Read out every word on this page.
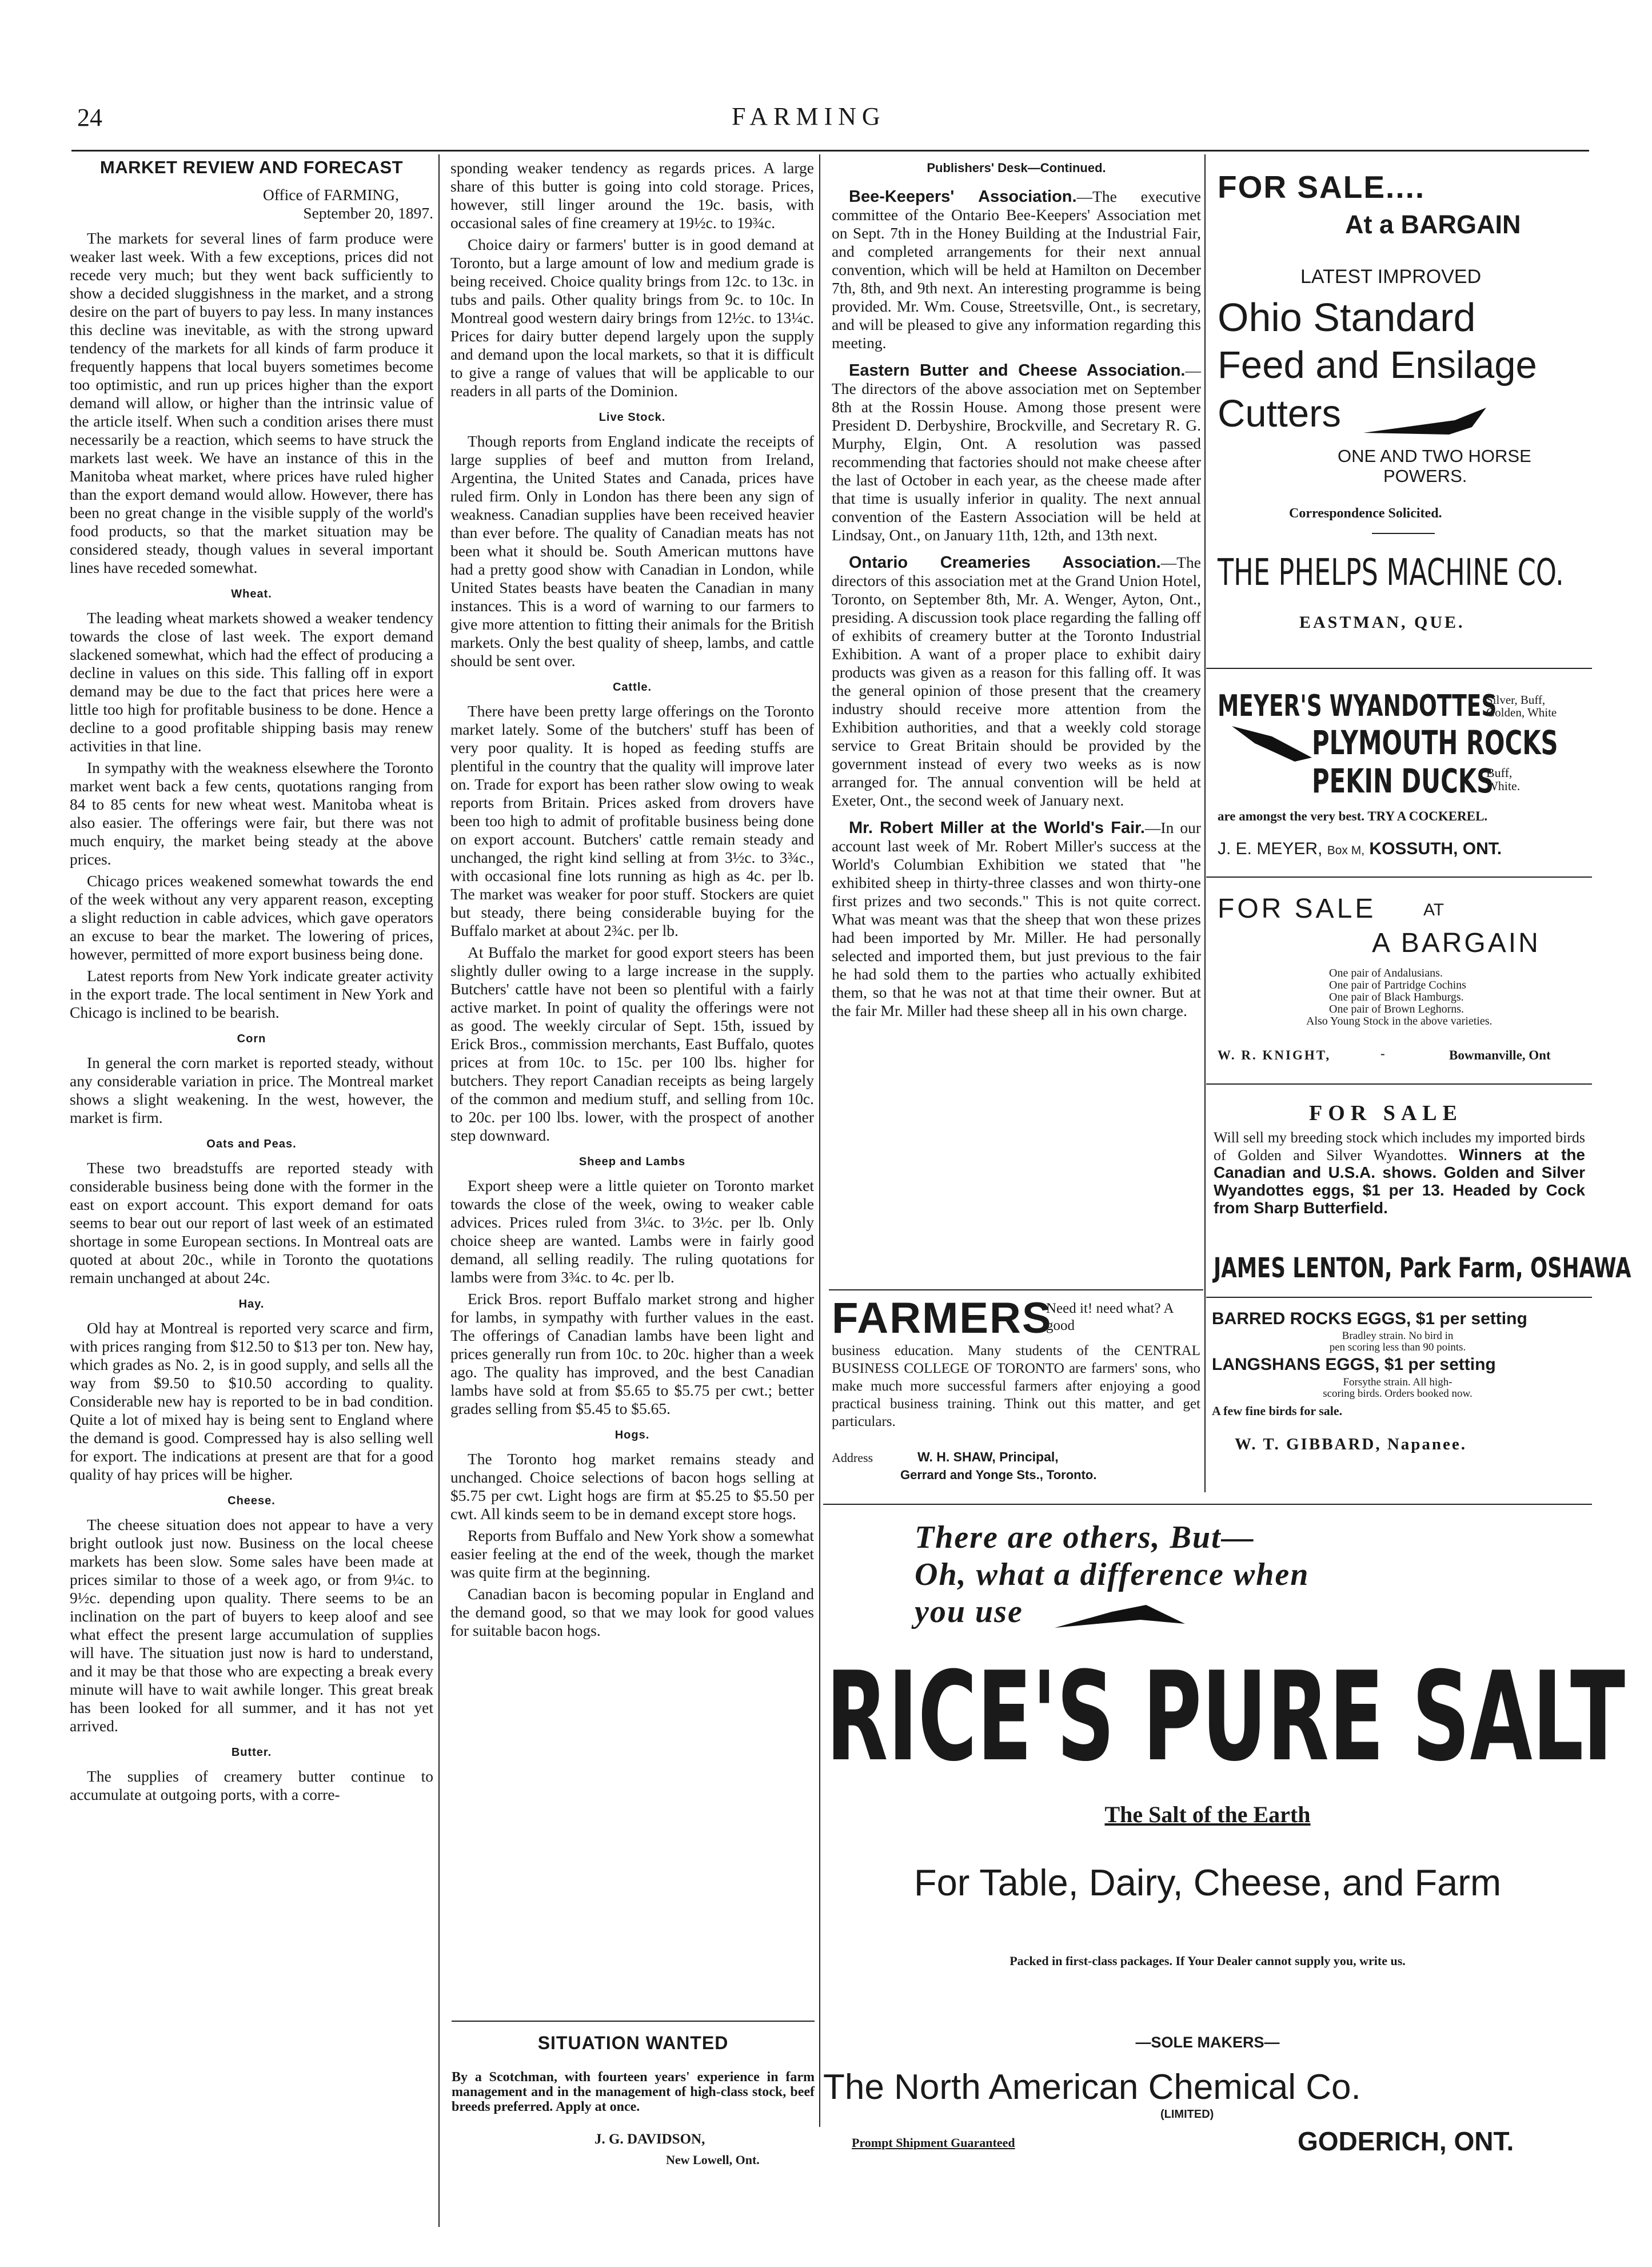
24	FARMING
MARKET REVIEW AND FORECAST

Office of FARMING,

September 20, 1897.

The markets for several lines of farm produce were weaker last week. With a few exceptions, prices did not recede very much; but they went back sufficiently to show a decided sluggishness in the market, and a strong desire on the part of buyers to pay less. In many instances this decline was inevitable, as with the strong upward tendency of the markets for all kinds of farm produce it frequently happens that local buyers sometimes become too optimistic, and run up prices higher than the export demand will allow, or higher than the intrinsic value of the article itself. When such a condition arises there must necessarily be a reaction, which seems to have struck the markets last week. We have an instance of this in the Manitoba wheat market, where prices have ruled higher than the export demand would allow. However, there has been no great change in the visible supply of the world's food products, so that the market situation may be considered steady, though values in several important lines have receded somewhat.

Wheat.

The leading wheat markets showed a weaker tendency towards the close of last week. The export demand slackened somewhat, which had the effect of producing a decline in values on this side. This falling off in export demand may be due to the fact that prices here were a little too high for profitable business to be done. Hence a decline to a good profitable shipping basis may renew activities in that line.

In sympathy with the weakness elsewhere the Toronto market went back a few cents, quotations ranging from 84 to 85 cents for new wheat west. Manitoba wheat is also easier. The offerings were fair, but there was not much enquiry, the market being steady at the above prices.

Chicago prices weakened somewhat towards the end of the week without any very apparent reason, excepting a slight reduction in cable advices, which gave operators an excuse to bear the market. The lowering of prices, however, permitted of more export business being done.

Latest reports from New York indicate greater activity in the export trade. The local sentiment in New York and Chicago is inclined to be bearish.

Corn

In general the corn market is reported steady, without any considerable variation in price. The Montreal market shows a slight weakening. In the west, however, the market is firm.

Oats and Peas.

These two breadstuffs are reported steady with considerable business being done with the former in the east on export account. This export demand for oats seems to bear out our report of last week of an estimated shortage in some European sections. In Montreal oats are quoted at about 20c., while in Toronto the quotations remain unchanged at about 24c.

Hay.

Old hay at Montreal is reported very scarce and firm, with prices ranging from $12.50 to $13 per ton. New hay, which grades as No. 2, is in good supply, and sells all the way from $9.50 to $10.50 according to quality. Considerable new hay is reported to be in bad condition. Quite a lot of mixed hay is being sent to England where the demand is good. Compressed hay is also selling well for export. The indications at present are that for a good quality of hay prices will be higher.

Cheese.

The cheese situation does not appear to have a very bright outlook just now. Business on the local cheese markets has been slow. Some sales have been made at prices similar to those of a week ago, or from 9¼c. to 9½c. depending upon quality. There seems to be an inclination on the part of buyers to keep aloof and see what effect the present large accumulation of supplies will have. The situation just now is hard to understand, and it may be that those who are expecting a break every minute will have to wait awhile longer. This great break has been looked for all summer, and it has not yet arrived.

Butter.

The supplies of creamery butter continue to accumulate at outgoing ports, with a corre-

sponding weaker tendency as regards prices. A large share of this butter is going into cold storage. Prices, however, still linger around the 19c. basis, with occasional sales of fine creamery at 19½c. to 19¾c.

Choice dairy or farmers' butter is in good demand at Toronto, but a large amount of low and medium grade is being received. Choice quality brings from 12c. to 13c. in tubs and pails. Other quality brings from 9c. to 10c. In Montreal good western dairy brings from 12½c. to 13¼c. Prices for dairy butter depend largely upon the supply and demand upon the local markets, so that it is difficult to give a range of values that will be applicable to our readers in all parts of the Dominion.

Live Stock.

Though reports from England indicate the receipts of large supplies of beef and mutton from Ireland, Argentina, the United States and Canada, prices have ruled firm. Only in London has there been any sign of weakness. Canadian supplies have been received heavier than ever before. The quality of Canadian meats has not been what it should be. South American muttons have had a pretty good show with Canadian in London, while United States beasts have beaten the Canadian in many instances. This is a word of warning to our farmers to give more attention to fitting their animals for the British markets. Only the best quality of sheep, lambs, and cattle should be sent over.

Cattle.

There have been pretty large offerings on the Toronto market lately. Some of the butchers' stuff has been of very poor quality. It is hoped as feeding stuffs are plentiful in the country that the quality will improve later on. Trade for export has been rather slow owing to weak reports from Britain. Prices asked from drovers have been too high to admit of profitable business being done on export account. Butchers' cattle remain steady and unchanged, the right kind selling at from 3½c. to 3¾c., with occasional fine lots running as high as 4c. per lb. The market was weaker for poor stuff. Stockers are quiet but steady, there being considerable buying for the Buffalo market at about 2¾c. per lb.

At Buffalo the market for good export steers has been slightly duller owing to a large increase in the supply. Butchers' cattle have not been so plentiful with a fairly active market. In point of quality the offerings were not as good. The weekly circular of Sept. 15th, issued by Erick Bros., commission merchants, East Buffalo, quotes prices at from 10c. to 15c. per 100 lbs. higher for butchers. They report Canadian receipts as being largely of the common and medium stuff, and selling from 10c. to 20c. per 100 lbs. lower, with the prospect of another step downward.

Sheep and Lambs

Export sheep were a little quieter on Toronto market towards the close of the week, owing to weaker cable advices. Prices ruled from 3¼c. to 3½c. per lb. Only choice sheep are wanted. Lambs were in fairly good demand, all selling readily. The ruling quotations for lambs were from 3¾c. to 4c. per lb.

Erick Bros. report Buffalo market strong and higher for lambs, in sympathy with further values in the east. The offerings of Canadian lambs have been light and prices generally run from 10c. to 20c. higher than a week ago. The quality has improved, and the best Canadian lambs have sold at from $5.65 to $5.75 per cwt.; better grades selling from $5.45 to $5.65.

Hogs.

The Toronto hog market remains steady and unchanged. Choice selections of bacon hogs selling at $5.75 per cwt. Light hogs are firm at $5.25 to $5.50 per cwt. All kinds seem to be in demand except store hogs.

Reports from Buffalo and New York show a somewhat easier feeling at the end of the week, though the market was quite firm at the beginning.

Canadian bacon is becoming popular in England and the demand good, so that we may look for good values for suitable bacon hogs.

SITUATION WANTED
By a Scotchman, with fourteen years' experience in farm management and in the management of high-class stock, beef breeds preferred. Apply at once.
J. G. DAVIDSON,
New Lowell, Ont.
Publishers' Desk—Continued.

Bee-Keepers' Association.—The executive committee of the Ontario Bee-Keepers' Association met on Sept. 7th in the Honey Building at the Industrial Fair, and completed arrangements for their next annual convention, which will be held at Hamilton on December 7th, 8th, and 9th next. An interesting programme is being provided. Mr. Wm. Couse, Streetsville, Ont., is secretary, and will be pleased to give any information regarding this meeting.

Eastern Butter and Cheese Association.—The directors of the above association met on September 8th at the Rossin House. Among those present were President D. Derbyshire, Brockville, and Secretary R. G. Murphy, Elgin, Ont. A resolution was passed recommending that factories should not make cheese after the last of October in each year, as the cheese made after that time is usually inferior in quality. The next annual convention of the Eastern Association will be held at Lindsay, Ont., on January 11th, 12th, and 13th next.

Ontario Creameries Association.—The directors of this association met at the Grand Union Hotel, Toronto, on September 8th, Mr. A. Wenger, Ayton, Ont., presiding. A discussion took place regarding the falling off of exhibits of creamery butter at the Toronto Industrial Exhibition. A want of a proper place to exhibit dairy products was given as a reason for this falling off. It was the general opinion of those present that the creamery industry should receive more attention from the Exhibition authorities, and that a weekly cold storage service to Great Britain should be provided by the government instead of every two weeks as is now arranged for. The annual convention will be held at Exeter, Ont., the second week of January next.

Mr. Robert Miller at the World's Fair.—In our account last week of Mr. Robert Miller's success at the World's Columbian Exhibition we stated that "he exhibited sheep in thirty-three classes and won thirty-one first prizes and two seconds." This is not quite correct. What was meant was that the sheep that won these prizes had been imported by Mr. Miller. He had personally selected and imported them, but just previous to the fair he had sold them to the parties who actually exhibited them, so that he was not at that time their owner. But at the fair Mr. Miller had these sheep all in his own charge.

FARMERS
Need it! need what? A good
business education. Many students of the CENTRAL BUSINESS COLLEGE OF TORONTO are farmers' sons, who make much more successful farmers after enjoying a good practical business training. Think out this matter, and get particulars.
Address	W. H. SHAW, Principal,
Gerrard and Yonge Sts., Toronto.
FOR SALE....
At a BARGAIN
LATEST IMPROVED
Ohio Standard
Feed and Ensilage
Cutters
ONE AND TWO HORSE
POWERS.
Correspondence Solicited.
THE PHELPS MACHINE CO.
EASTMAN, QUE.
MEYER'S WYANDOTTES
Silver, Buff,
Golden, White
PLYMOUTH ROCKS
PEKIN DUCKS
Buff,
White.
are amongst the very best. TRY A COCKEREL.
J. E. MEYER, Box M, KOSSUTH, ONT.
FOR SALE	AT
A BARGAIN
One pair of Andalusians.
One pair of Partridge Cochins
One pair of Black Hamburgs.
One pair of Brown Leghorns.
Also Young Stock in the above varieties.
W. R. KNIGHT,	-	Bowmanville, Ont
FOR SALE
Will sell my breeding stock which includes my imported birds of Golden and Silver Wyandottes. Winners at the Canadian and U.S.A. shows. Golden and Silver Wyandottes eggs, $1 per 13. Headed by Cock from Sharp Butterfield.
JAMES LENTON, Park Farm, OSHAWA
BARRED ROCKS EGGS, $1 per setting
Bradley strain. No bird in
pen scoring less than 90 points.
LANGSHANS EGGS, $1 per setting
Forsythe strain. All high-
scoring birds. Orders booked now.
A few fine birds for sale.
W. T. GIBBARD, Napanee.
There are others, But—
Oh, what a difference when
you use
RICE'S PURE SALT
The Salt of the Earth
For Table, Dairy, Cheese, and Farm
Packed in first-class packages. If Your Dealer cannot supply you, write us.
—SOLE MAKERS—
The North American Chemical Co.
(LIMITED)
Prompt Shipment Guaranteed	GODERICH, ONT.
